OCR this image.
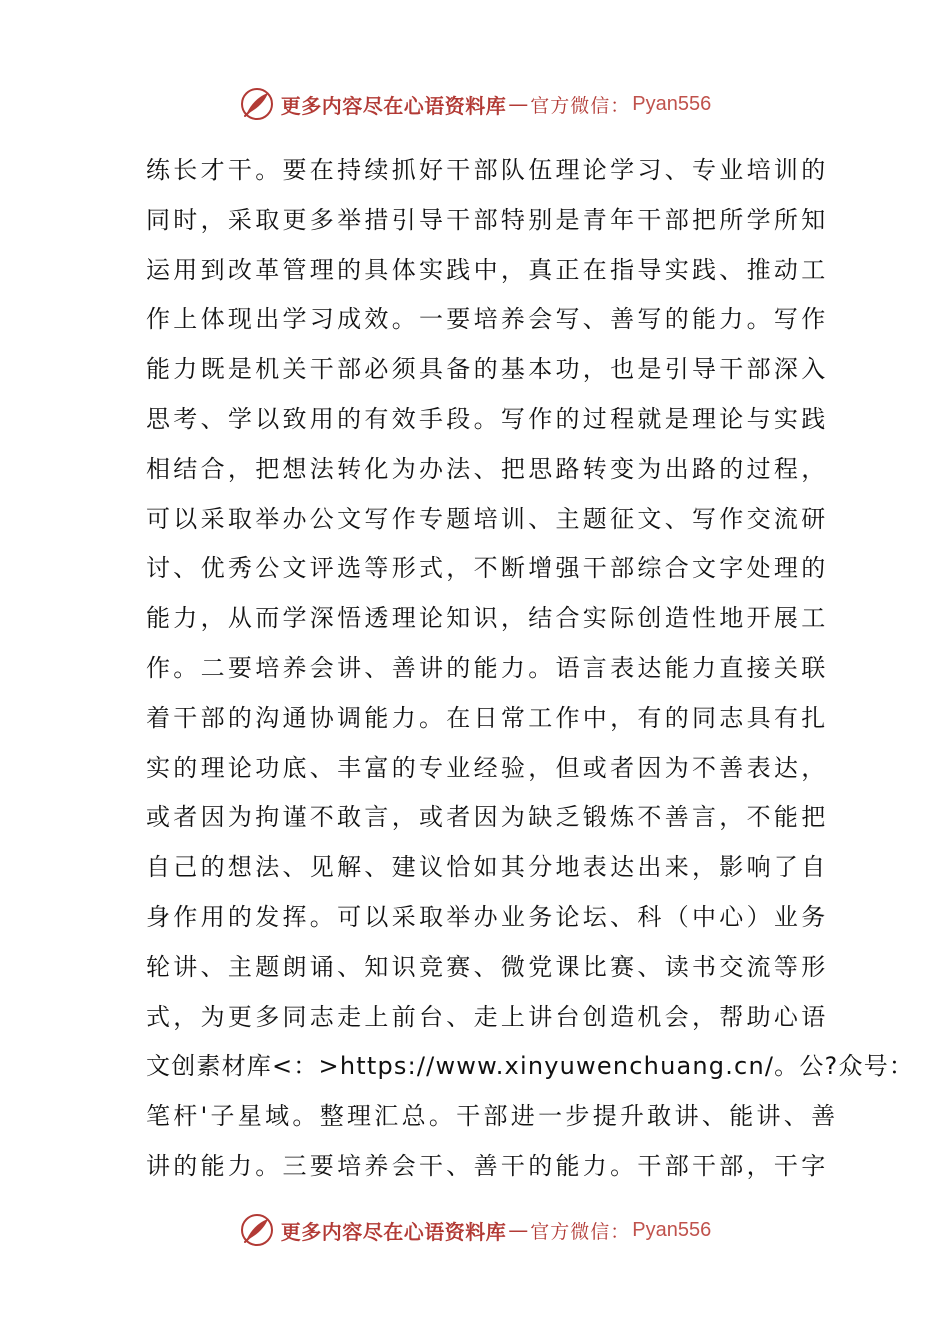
更多内容尽在心语资料库 — 官方微信： Pyan556
练长才干。要在持续抓好干部队伍理论学习、专业培训的
同时，采取更多举措引导干部特别是青年干部把所学所知
运用到改革管理的具体实践中，真正在指导实践、推动工
作上体现出学习成效。一要培养会写、善写的能力。写作
能力既是机关干部必须具备的基本功，也是引导干部深入
思考、学以致用的有效手段。写作的过程就是理论与实践
相结合，把想法转化为办法、把思路转变为出路的过程，
可以采取举办公文写作专题培训、主题征文、写作交流研
讨、优秀公文评选等形式，不断增强干部综合文字处理的
能力，从而学深悟透理论知识，结合实际创造性地开展工
作。二要培养会讲、善讲的能力。语言表达能力直接关联
着干部的沟通协调能力。在日常工作中，有的同志具有扎
实的理论功底、丰富的专业经验，但或者因为不善表达，
或者因为拘谨不敢言，或者因为缺乏锻炼不善言，不能把
自己的想法、见解、建议恰如其分地表达出来，影响了自
身作用的发挥。可以采取举办业务论坛、科（中心）业务
轮讲、主题朗诵、知识竞赛、微党课比赛、读书交流等形
式，为更多同志走上前台、走上讲台创造机会，帮助心语
文创素材库<：>https://www.xinyuwenchuang.cn/。公?众号：
笔杆'子星域。整理汇总。干部进一步提升敢讲、能讲、善
讲的能力。三要培养会干、善干的能力。干部干部，干字
更多内容尽在心语资料库 — 官方微信： Pyan556
